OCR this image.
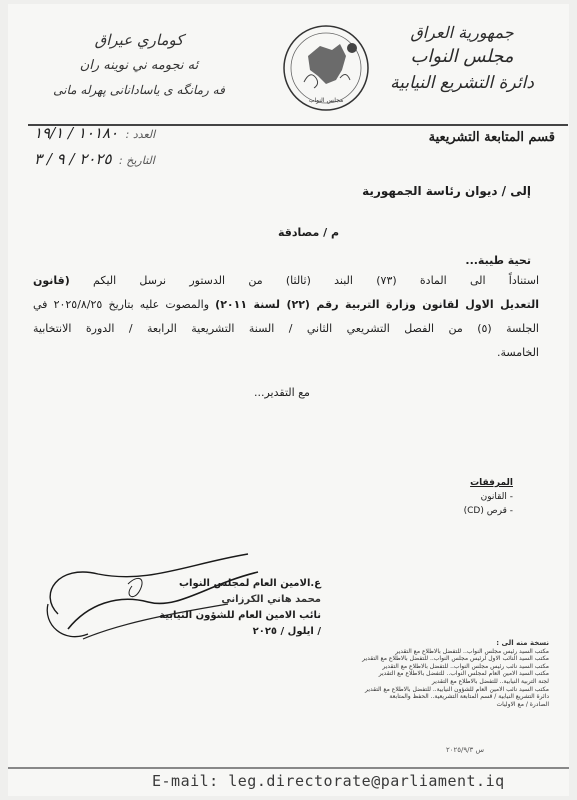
جمهورية العراق
مجلس النواب
دائرة التشريع النيابية
مجلس النواب
كوماري عيراق
ئه نجومه ني نوينه ران
فه رمانگه ى ياسادانانى پهرله مانى
قسم المتابعة التشريعية
العدد : ١٠١٨٠ / ١٩/١
التاريخ : ٢٠٢٥ / ٩ / ٣
إلى / ديوان رئاسة الجمهورية
م / مصادقة
تحية طيبة...
استناداً الى المادة (٧٣) البند (ثالثا) من الدستور نرسل اليكم (قانون
التعديل الاول لقانون وزارة التربية رقم (٢٢) لسنة ٢٠١١) والمصوت عليه بتاريخ ٢٠٢٥/٨/٢٥ في
الجلسة (٥) من الفصل التشريعي الثاني / السنة التشريعية الرابعة / الدورة الانتخابية
الخامسة.
مع التقدير...
المرفقات
- القانون
- قرص (CD)
ع.الامين العام لمجلس النواب
محمد هاني الكرزاني
نائب الامين العام للشؤون النيابية
/ ايلول / ٢٠٢٥
نسخة منه الى :
مكتب السيد رئيس مجلس النواب.. للتفضل بالاطلاع مع التقدير
مكتب السيد النائب الاول لرئيس مجلس النواب.. للتفضل بالاطلاع مع التقدير
مكتب السيد نائب رئيس مجلس النواب.. للتفضل بالاطلاع مع التقدير
مكتب السيد الامين العام لمجلس النواب.. للتفضل بالاطلاع مع التقدير
لجنة التربية النيابية.. للتفضل بالاطلاع مع التقدير
مكتب السيد نائب الامين العام للشؤون النيابية.. للتفضل بالاطلاع مع التقدير
دائرة التشريع النيابية / قسم المتابعة التشريعية.. الحفظ والمتابعة
الصادرة / مع الاوليات
س ٢٠٢٥/٩/٣
E-mail: leg.directorate@parliament.iq
